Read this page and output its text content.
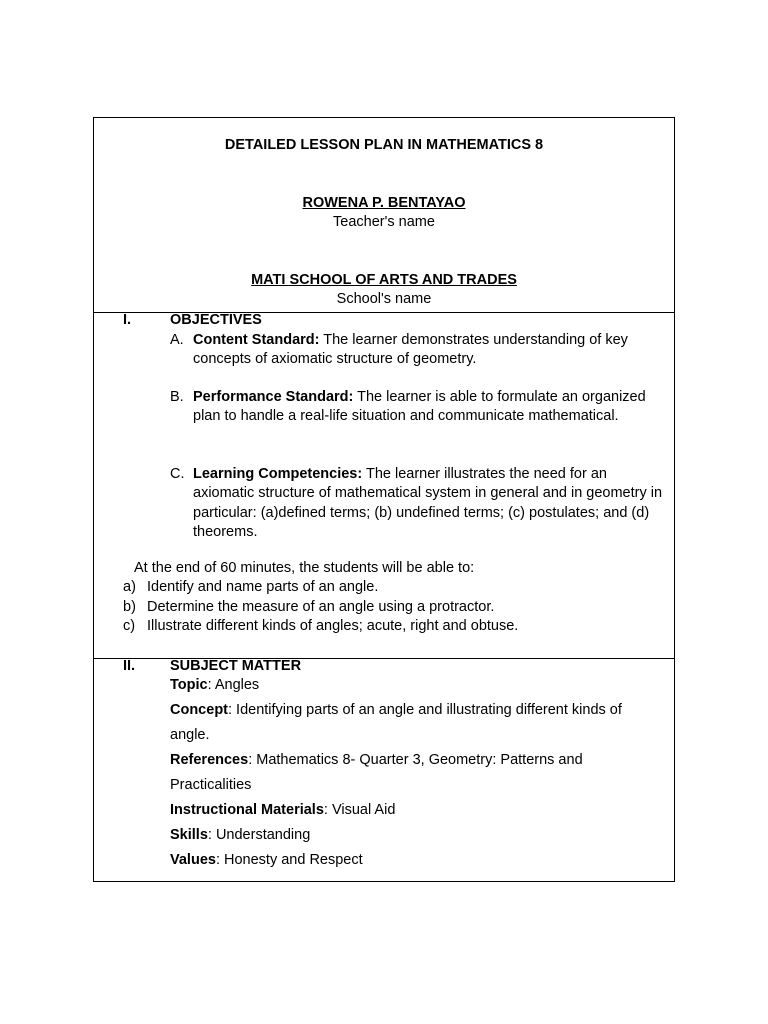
DETAILED LESSON PLAN IN MATHEMATICS 8
ROWENA P. BENTAYAO
Teacher's name
MATI SCHOOL OF ARTS AND TRADES
School's name
I.	OBJECTIVES
A. Content Standard: The learner demonstrates understanding of key concepts of axiomatic structure of geometry.
B. Performance Standard: The learner is able to formulate an organized plan to handle a real-life situation and communicate mathematical.
C. Learning Competencies: The learner illustrates the need for an axiomatic structure of mathematical system in general and in geometry in particular: (a)defined terms; (b) undefined terms; (c) postulates; and (d) theorems.
At the end of 60 minutes, the students will be able to:
a) Identify and name parts of an angle.
b) Determine the measure of an angle using a protractor.
c) Illustrate different kinds of angles; acute, right and obtuse.
II. SUBJECT MATTER
Topic: Angles
Concept: Identifying parts of an angle and illustrating different kinds of angle.
References: Mathematics 8- Quarter 3, Geometry: Patterns and Practicalities
Instructional Materials: Visual Aid
Skills: Understanding
Values: Honesty and Respect
